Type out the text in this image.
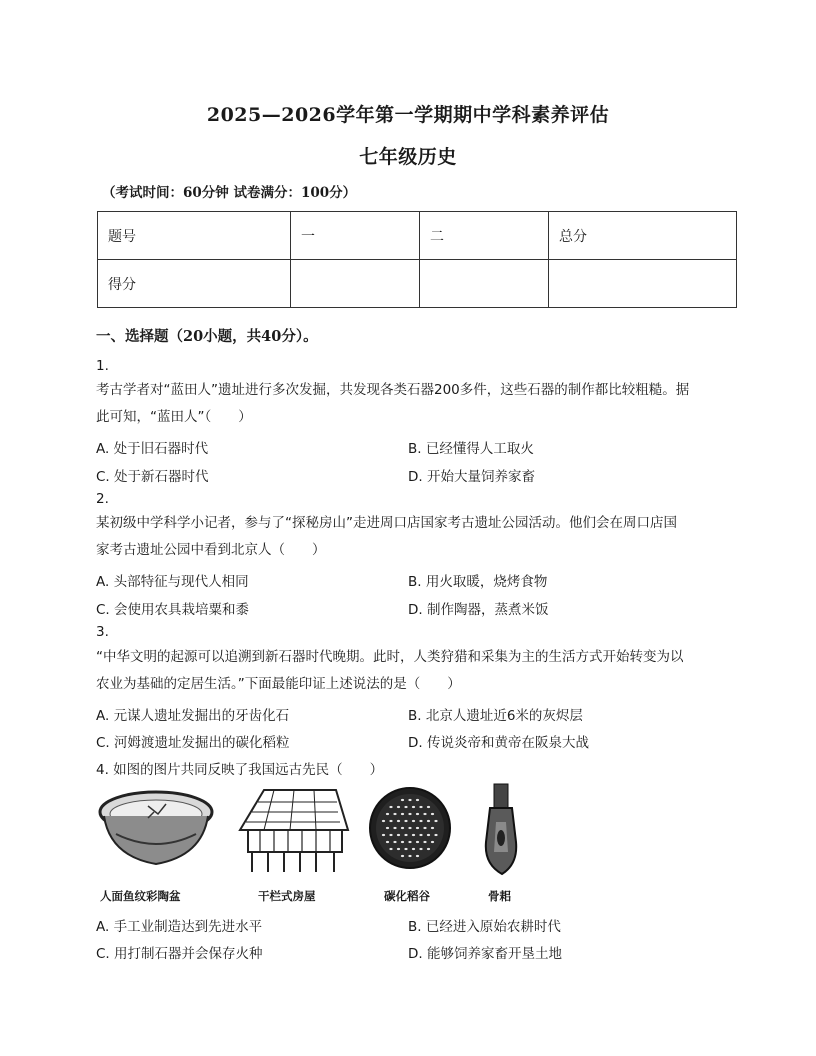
2025—2026学年第一学期期中学科素养评估
七年级历史
（考试时间：60分钟 试卷满分：100分）
题号	一	二	总分
得分			
一、选择题（20小题，共40分）。
1.
考古学者对“蓝田人”遗址进行多次发掘，共发现各类石器200多件，这些石器的制作都比较粗糙。据
此可知，“蓝田人”（　　）
A. 处于旧石器时代	B. 已经懂得人工取火
C. 处于新石器时代	D. 开始大量饲养家畜
2.
某初级中学科学小记者，参与了“探秘房山”走进周口店国家考古遗址公园活动。他们会在周口店国
家考古遗址公园中看到北京人（　　）
A. 头部特征与现代人相同	B. 用火取暖，烧烤食物
C. 会使用农具栽培粟和黍	D. 制作陶器，蒸煮米饭
3.
“中华文明的起源可以追溯到新石器时代晚期。此时，人类狩猎和采集为主的生活方式开始转变为以
农业为基础的定居生活。”下面最能印证上述说法的是（　　）
A. 元谋人遗址发掘出的牙齿化石	B. 北京人遗址近6米的灰烬层
C. 河姆渡遗址发掘出的碳化稻粒	D. 传说炎帝和黄帝在阪泉大战
4. 如图的图片共同反映了我国远古先民（　　）
人面鱼纹彩陶盆	干栏式房屋	碳化稻谷	骨耜
A. 手工业制造达到先进水平	B. 已经进入原始农耕时代
C. 用打制石器并会保存火种	D. 能够饲养家畜开垦土地
